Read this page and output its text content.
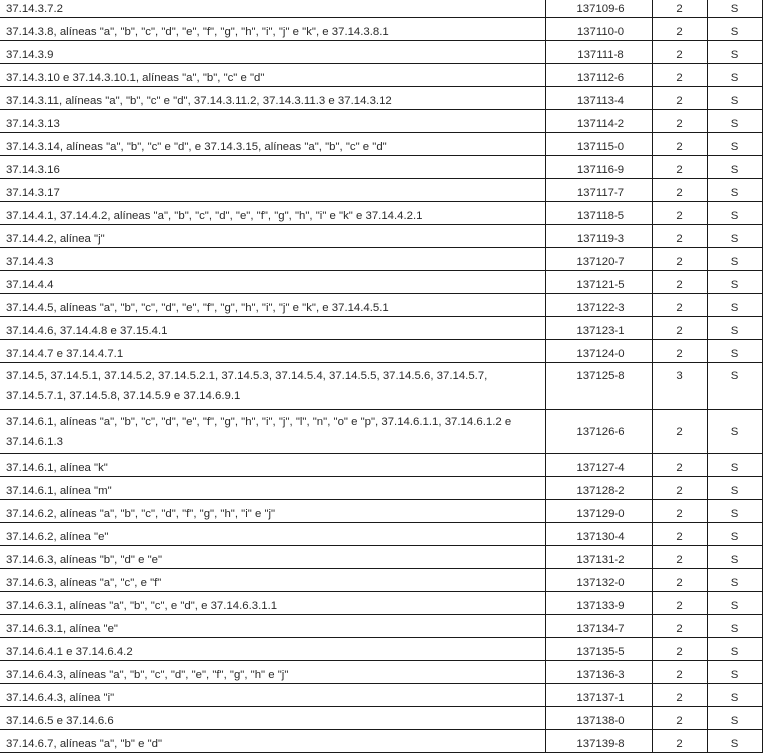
37.14.3.7.2	137109-6	2	S
37.14.3.8, alíneas "a", "b", "c", "d", "e", "f", "g", "h", "i", "j" e "k", e 37.14.3.8.1	137110-0	2	S
37.14.3.9	137111-8	2	S
37.14.3.10 e 37.14.3.10.1, alíneas "a", "b", "c" e "d"	137112-6	2	S
37.14.3.11, alíneas "a", "b", "c" e "d", 37.14.3.11.2, 37.14.3.11.3 e 37.14.3.12	137113-4	2	S
37.14.3.13	137114-2	2	S
37.14.3.14, alíneas "a", "b", "c" e "d", e 37.14.3.15, alíneas "a", "b", "c" e "d"	137115-0	2	S
37.14.3.16	137116-9	2	S
37.14.3.17	137117-7	2	S
37.14.4.1, 37.14.4.2, alíneas "a", "b", "c", "d", "e", "f", "g", "h", "i" e "k" e 37.14.4.2.1	137118-5	2	S
37.14.4.2, alínea "j"	137119-3	2	S
37.14.4.3	137120-7	2	S
37.14.4.4	137121-5	2	S
37.14.4.5, alíneas "a", "b", "c", "d", "e", "f", "g", "h", "i", "j" e "k", e 37.14.4.5.1	137122-3	2	S
37.14.4.6, 37.14.4.8 e 37.15.4.1	137123-1	2	S
37.14.4.7 e 37.14.4.7.1	137124-0	2	S
37.14.5, 37.14.5.1, 37.14.5.2, 37.14.5.2.1, 37.14.5.3, 37.14.5.4, 37.14.5.5, 37.14.5.6, 37.14.5.7, 37.14.5.7.1, 37.14.5.8, 37.14.5.9 e 37.14.6.9.1	137125-8	3	S
37.14.6.1, alíneas "a", "b", "c", "d", "e", "f", "g", "h", "i", "j", "l", "n", "o" e "p", 37.14.6.1.1, 37.14.6.1.2 e 37.14.6.1.3	137126-6	2	S
37.14.6.1, alínea "k"	137127-4	2	S
37.14.6.1, alínea "m"	137128-2	2	S
37.14.6.2, alíneas "a", "b", "c", "d", "f", "g", "h", "i" e "j"	137129-0	2	S
37.14.6.2, alínea "e"	137130-4	2	S
37.14.6.3, alíneas "b", "d" e "e"	137131-2	2	S
37.14.6.3, alíneas "a", "c", e "f"	137132-0	2	S
37.14.6.3.1, alíneas "a", "b", "c", e "d", e 37.14.6.3.1.1	137133-9	2	S
37.14.6.3.1, alínea "e"	137134-7	2	S
37.14.6.4.1 e 37.14.6.4.2	137135-5	2	S
37.14.6.4.3, alíneas "a", "b", "c", "d", "e", "f", "g", "h" e "j"	137136-3	2	S
37.14.6.4.3, alínea "i"	137137-1	2	S
37.14.6.5 e 37.14.6.6	137138-0	2	S
37.14.6.7, alíneas "a", "b" e "d"	137139-8	2	S
